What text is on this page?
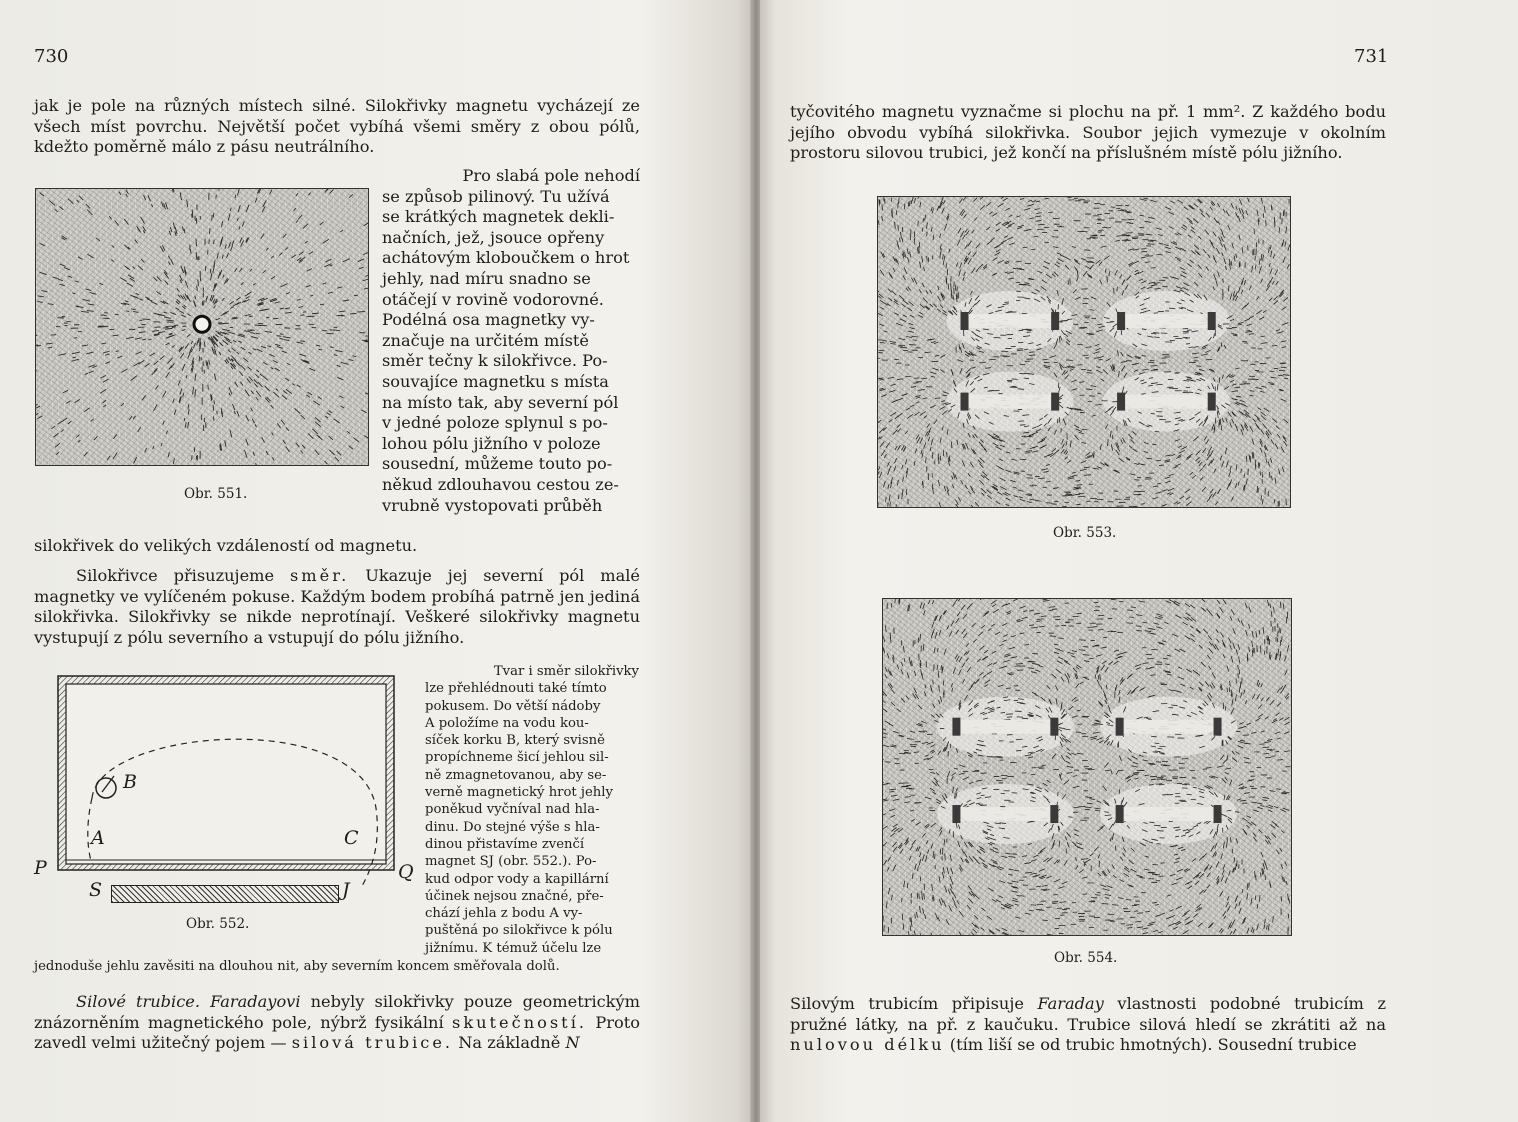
730

jak je pole na různých místech silné. Silokřivky magnetu vycházejí ze všech míst povrchu. Největší počet vybíhá všemi směry z obou pólů, kdežto poměrně málo z pásu neutrálního.

Obr. 551.
Pro slabá pole nehodí
se způsob pilinový. Tu užívá
se krátkých magnetek dekli-
načních, jež, jsouce opřeny
achátovým kloboučkem o hrot
jehly, nad míru snadno se
otáčejí v rovině vodorovné.
Podélná osa magnetky vy-
značuje na určitém místě
směr tečny k silokřivce. Po-
souvajíce magnetku s místa
na místo tak, aby severní pól
v jedné poloze splynul s po-
lohou pólu jižního v poloze
sousední, můžeme touto po-
někud zdlouhavou cestou ze-
vrubně vystopovati průběh

silokřivek do velikých vzdáleností od magnetu.

Silokřivce přisuzujeme směr. Ukazuje jej severní pól malé magnetky ve vylíčeném pokuse. Každým bodem probíhá patrně jen jediná silokřivka. Silokřivky se nikde neprotínají. Veškeré silokřivky magnetu vystupují z pólu severního a vstupují do pólu jižního.

P	Q
B
A	C
S	J
Obr. 552.
Tvar i směr silokřivky
lze přehlédnouti také tímto
pokusem. Do větší nádoby
A položíme na vodu kou-
síček korku B, který svisně
propíchneme šicí jehlou sil-
ně zmagnetovanou, aby se-
verně magnetický hrot jehly
poněkud vyčníval nad hla-
dinu. Do stejné výše s hla-
dinou přistavíme zvenčí
magnet SJ (obr. 552.). Po-
kud odpor vody a kapillární
účinek nejsou značné, pře-
chází jehla z bodu A vy-
puštěná po silokřivce k pólu
jižnímu. K témuž účelu lze

jednoduše jehlu zavěsiti na dlouhou nit, aby severním koncem směřovala dolů.

Silové trubice. Faradayovi nebyly silokřivky pouze geometrickým znázorněním magnetického pole, nýbrž fysikální skutečností. Proto zavedl velmi užitečný pojem — silová trubice. Na základně N

731

tyčovitého magnetu vyznačme si plochu na př. 1 mm². Z každého bodu jejího obvodu vybíhá silokřivka. Soubor jejich vymezuje v okolním prostoru silovou trubici, jež končí na příslušném místě pólu jižního.

Obr. 553.
Obr. 554.

Silovým trubicím připisuje Faraday vlastnosti podobné trubicím z pružné látky, na př. z kaučuku. Trubice silová hledí se zkrátiti až na nulovou délku (tím liší se od trubic hmotných). Sousední trubice
